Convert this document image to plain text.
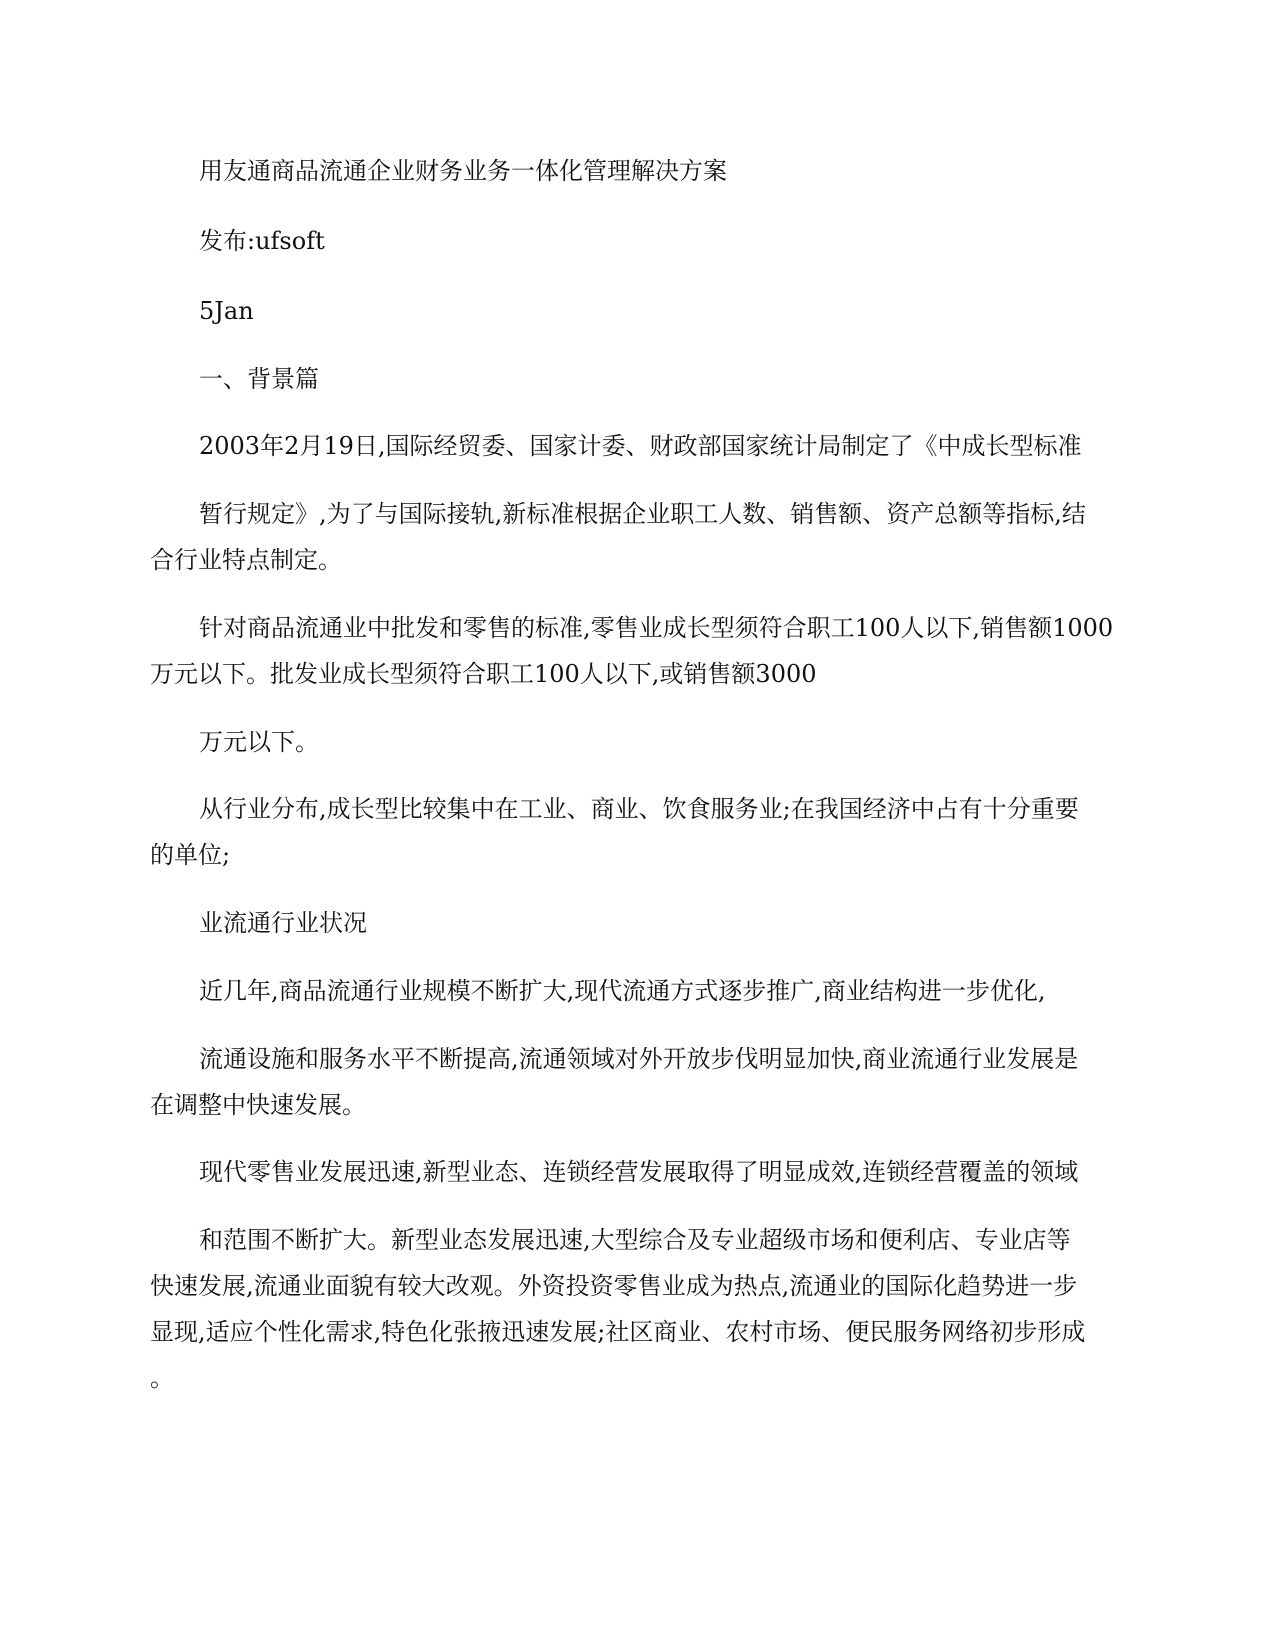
用友通商品流通企业财务业务一体化管理解决方案

发布:ufsoft

5Jan

一、背景篇

2003年2月19日,国际经贸委、国家计委、财政部国家统计局制定了《中成长型标准

暂行规定》,为了与国际接轨,新标准根据企业职工人数、销售额、资产总额等指标,结

合行业特点制定。

针对商品流通业中批发和零售的标准,零售业成长型须符合职工100人以下,销售额1000

万元以下。批发业成长型须符合职工100人以下,或销售额3000

万元以下。

从行业分布,成长型比较集中在工业、商业、饮食服务业;在我国经济中占有十分重要

的单位;

业流通行业状况

近几年,商品流通行业规模不断扩大,现代流通方式逐步推广,商业结构进一步优化,

流通设施和服务水平不断提高,流通领域对外开放步伐明显加快,商业流通行业发展是

在调整中快速发展。

现代零售业发展迅速,新型业态、连锁经营发展取得了明显成效,连锁经营覆盖的领域

和范围不断扩大。新型业态发展迅速,大型综合及专业超级市场和便利店、专业店等

快速发展,流通业面貌有较大改观。外资投资零售业成为热点,流通业的国际化趋势进一步

显现,适应个性化需求,特色化张掖迅速发展;社区商业、农村市场、便民服务网络初步形成

。
